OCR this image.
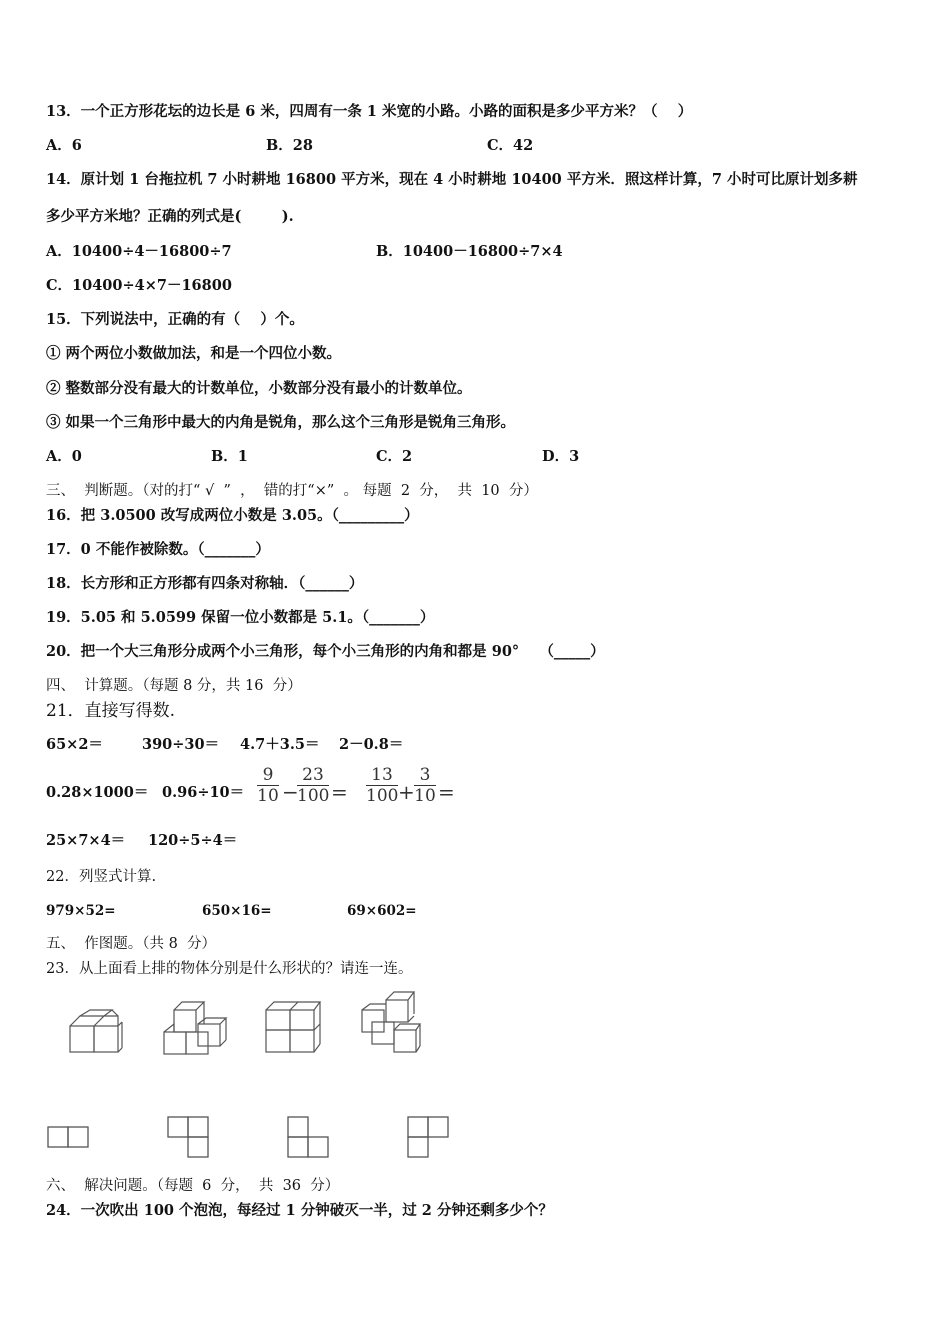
13．一个正方形花坛的边长是 6 米，四周有一条 1 米宽的小路。小路的面积是多少平方米？（    ）
A．6	B．28	C．42
14．原计划 1 台拖拉机 7 小时耕地 16800 平方米，现在 4 小时耕地 10400 平方米．照这样计算，7 小时可比原计划多耕
多少平方米地？正确的列式是(        ).
A．10400÷4－16800÷7	B．10400－16800÷7×4
C．10400÷4×7－16800
15．下列说法中，正确的有（    ）个。
① 两个两位小数做加法，和是一个四位小数。
② 整数部分没有最大的计数单位，小数部分没有最小的计数单位。
③ 如果一个三角形中最大的内角是锐角，那么这个三角形是锐角三角形。
A．0	B．1	C．2	D．3
三、  判断题。（对的打“ √  ”  ，  错的打“×”  。 每题  2  分，  共  10  分）
16．把 3.0500 改写成两位小数是 3.05。（_________）
17．0 不能作被除数。（_______）
18．长方形和正方形都有四条对称轴．（______）
19．5.05 和 5.0599 保留一位小数都是 5.1。（_______）
20．把一个大三角形分成两个小三角形，每个小三角形的内角和都是 90°    （_____）
四、  计算题。（每题 8 分，共 16  分）
21．直接写得数.
65×2＝	390÷30＝ 4.7＋3.5＝ 2－0.8＝
0.28×1000＝ 0.96÷10＝
9
10 −
23
100 =
13
100 +
3
10 =
25×7×4＝ 120÷5÷4＝
22．列竖式计算.
979×52=	650×16=	69×602=
五、  作图题。（共 8  分）
23．从上面看上排的物体分别是什么形状的？请连一连。
六、  解决问题。（每题  6  分，  共  36  分）
24．一次吹出 100 个泡泡，每经过 1 分钟破灭一半，过 2 分钟还剩多少个？
